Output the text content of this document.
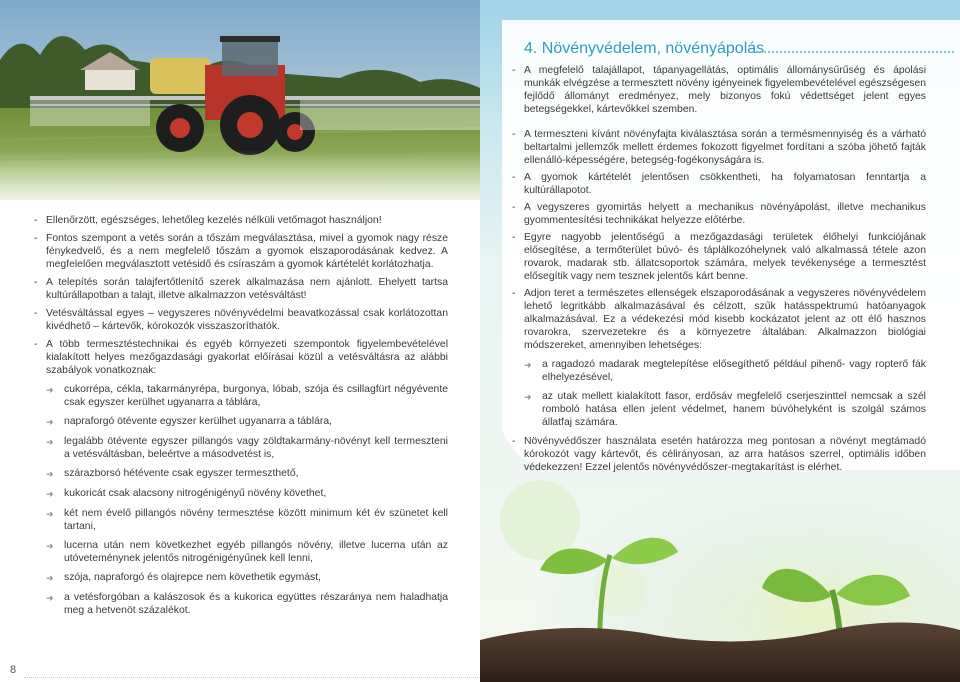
- Ellenőrzött, egészséges, lehetőleg kezelés nélküli vetőmagot használjon!
- Fontos szempont a vetés során a tőszám megválasztása, mivel a gyomok nagy része fénykedvelő, és a nem megfelelő tőszám a gyomok elszaporodásának kedvez. A megfelelően megválasztott vetésidő és csíraszám a gyomok kártételét korlátozhatja.
- A telepítés során talajfertőtlenítő szerek alkalmazása nem ajánlott. Ehelyett tartsa kultúrállapotban a talajt, illetve alkalmazzon vetésváltást!
- Vetésváltással egyes – vegyszeres növényvédelmi beavatkozással csak korlátozottan kivédhető – kártevők, kórokozók visszaszoríthatók.
- A több termesztéstechnikai és egyéb környezeti szempontok figyelembevételével kialakított helyes mezőgazdasági gyakorlat előírásai közül a vetésváltásra az alábbi szabályok vonatkoznak:
➜	cukorrépa, cékla, takarmányrépa, burgonya, lóbab, szója és csillagfürt négyévente csak egyszer kerülhet ugyanarra a táblára,
➜	napraforgó ötévente egyszer kerülhet ugyanarra a táblára,
➜	legalább ötévente egyszer pillangós vagy zöldtakarmány-növényt kell termeszteni a vetésváltásban, beleértve a másodvetést is,
➜	szárazborsó hétévente csak egyszer termeszthető,
➜	kukoricát csak alacsony nitrogénigényű növény követhet,
➜	két nem évelő pillangós növény termesztése között minimum két év szünetet kell tartani,
➜	lucerna után nem következhet egyéb pillangós növény, illetve lucerna után az utóveteménynek jelentős nitrogénigényűnek kell lenni,
➜	szója, napraforgó és olajrepce nem követhetik egymást,
➜	a vetésforgóban a kalászosok és a kukorica együttes részaránya nem haladhatja meg a hetvenöt százalékot.
8
4. Növényvédelem, növényápolás
- A megfelelő talajállapot, tápanyagellátás, optimális állománysűrűség és ápolási munkák elvégzése a termesztett növény igényeinek figyelembevételével egészségesen fejlődő állományt eredményez, mely bizonyos fokú védettséget jelent egyes betegségekkel, kártevőkkel szemben.
- A termeszteni kívánt növényfajta kiválasztása során a termésmennyiség és a várható beltartalmi jellemzők mellett érdemes fokozott figyelmet fordítani a szóba jöhető fajták ellenálló-képességére, betegség-fogékonyságára is.
- A gyomok kártételét jelentősen csökkentheti, ha folyamatosan fenntartja a kultúrállapotot.
- A vegyszeres gyomirtás helyett a mechanikus növényápolást, illetve mechanikus gyommentesítési technikákat helyezze előtérbe.
- Egyre nagyobb jelentőségű a mezőgazdasági területek élőhelyi funkciójának elősegítése, a termőterület búvó- és táplálkozóhelynek való alkalmassá tétele azon rovarok, madarak stb. állatcsoportok számára, melyek tevékenysége a termesztést elősegítik vagy nem tesznek jelentős kárt benne.
- Adjon teret a természetes ellenségek elszaporodásának a vegyszeres növényvédelem lehető legritkább alkalmazásával és célzott, szűk hatásspektrumú hatóanyagok alkalmazásával. Ez a védekezési mód kisebb kockázatot jelent az ott élő hasznos rovarokra, szervezetekre és a környezetre általában. Alkalmazzon biológiai módszereket, amennyiben lehetséges:
➜	a ragadozó madarak megtelepítése elősegíthető például pihenő- vagy ropterő fák elhelyezésével,
➜	az utak mellett kialakított fasor, erdősáv megfelelő cserjeszinttel nemcsak a szél romboló hatása ellen jelent védelmet, hanem búvóhelyként is szolgál számos állatfaj számára.
- Növényvédőszer használata esetén határozza meg pontosan a növényt megtámadó kórokozót vagy kártevőt, és célirányosan, az arra hatásos szerrel, optimális időben védekezzen! Ezzel jelentős növényvédőszer-megtakarítást is elérhet.
